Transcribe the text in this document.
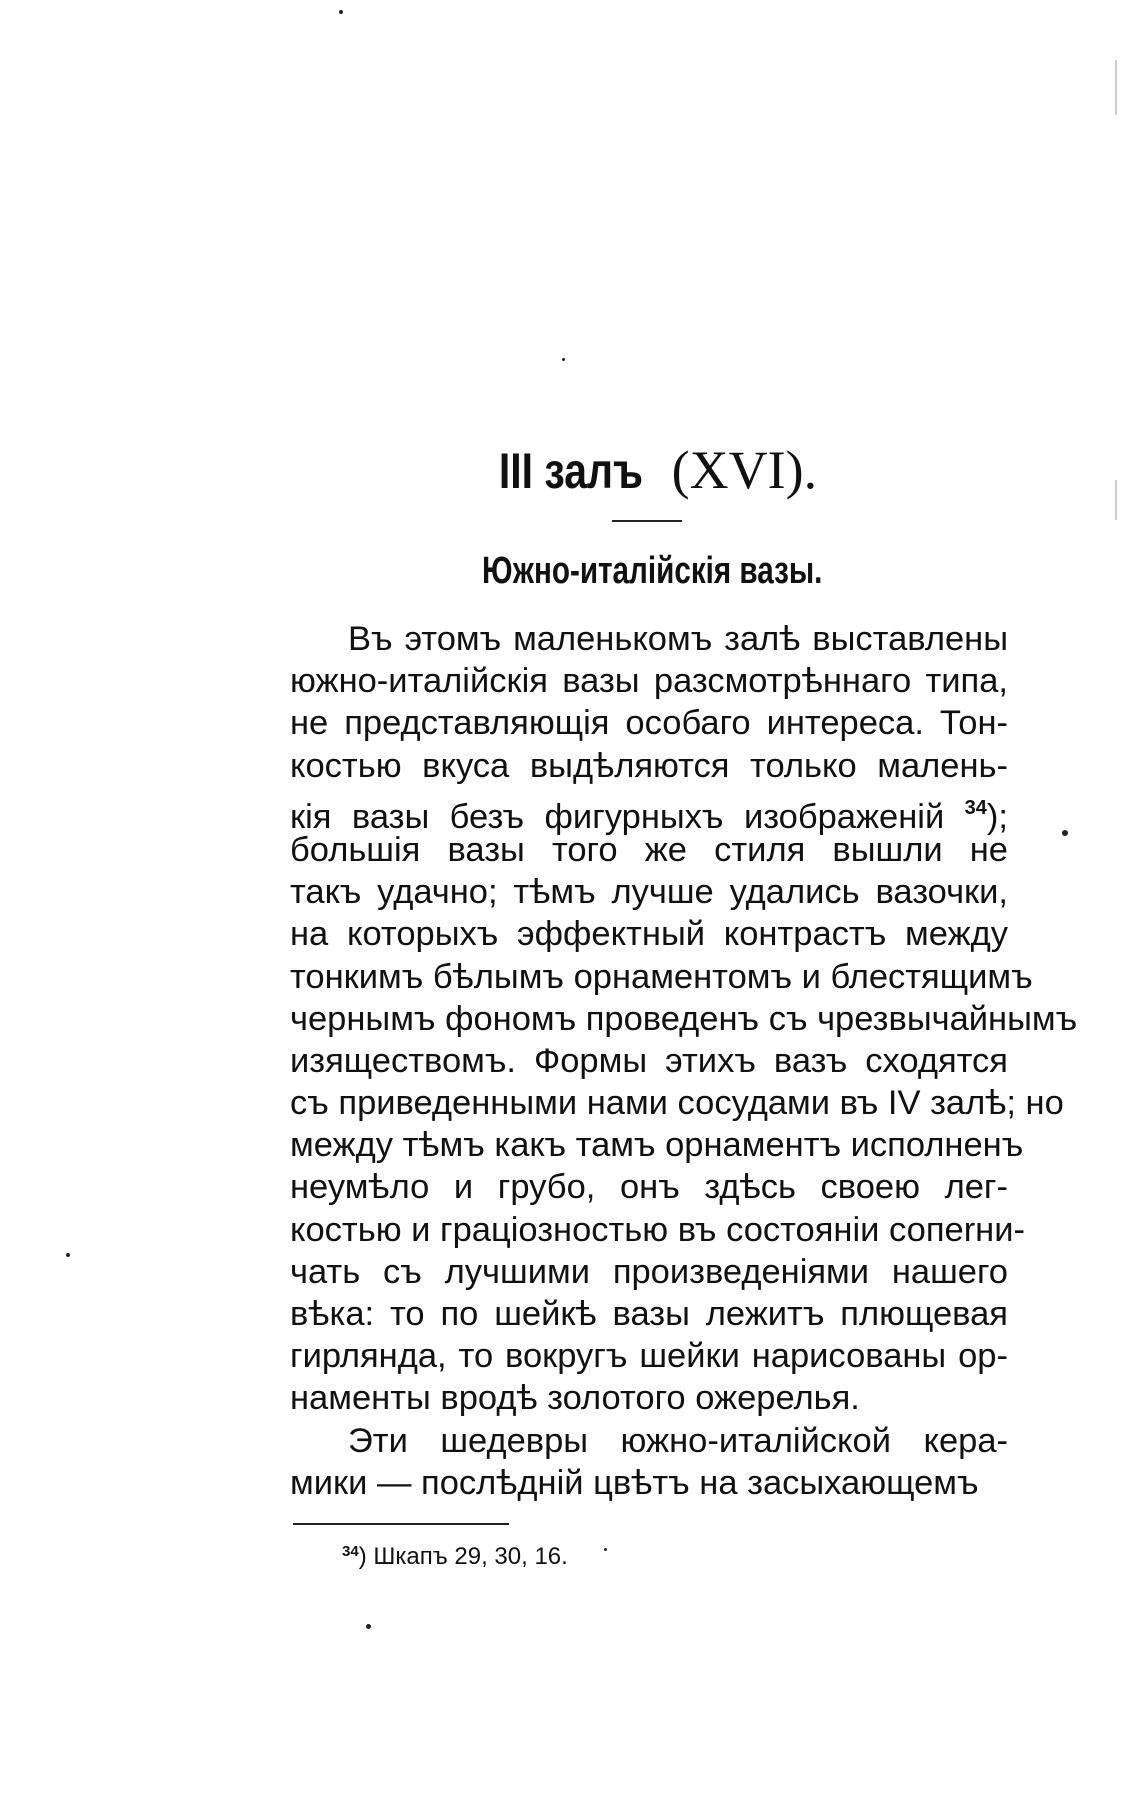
III залъ (XVI).
Южно-италійскія вазы.
Въ этомъ маленькомъ залѣ выставлены
южно-италійскія вазы разсмотрѣннаго типа,
не представляющія особаго интереса. Тон-
костью вкуса выдѣляются только малень-
кія вазы безъ фигурныхъ изображеній $^{34}$);
большія вазы того же стиля вышли не
такъ удачно; тѣмъ лучше удались вазочки,
на которыхъ эффектный контрастъ между
тонкимъ бѣлымъ орнаментомъ и блестящимъ
чернымъ фономъ проведенъ съ чрезвычайнымъ
изяществомъ. Формы этихъ вазъ сходятся
съ приведенными нами сосудами въ IV залѣ; но
между тѣмъ какъ тамъ орнаментъ исполненъ
неумѣло и грубо, онъ здѣсь своею лег-
костью и граціозностью въ состояніи сопerни-
чать съ лучшими произведеніями нашего
вѣка: то по шейкѣ вазы лежитъ плющевая
гирлянда, то вокругъ шейки нарисованы ор-
наменты вродѣ золотого ожерелья.
Эти шедевры южно-италійской кера-
мики — послѣдній цвѣтъ на засыхающемъ
$^{34}$) Шкапъ 29, 30, 16.
